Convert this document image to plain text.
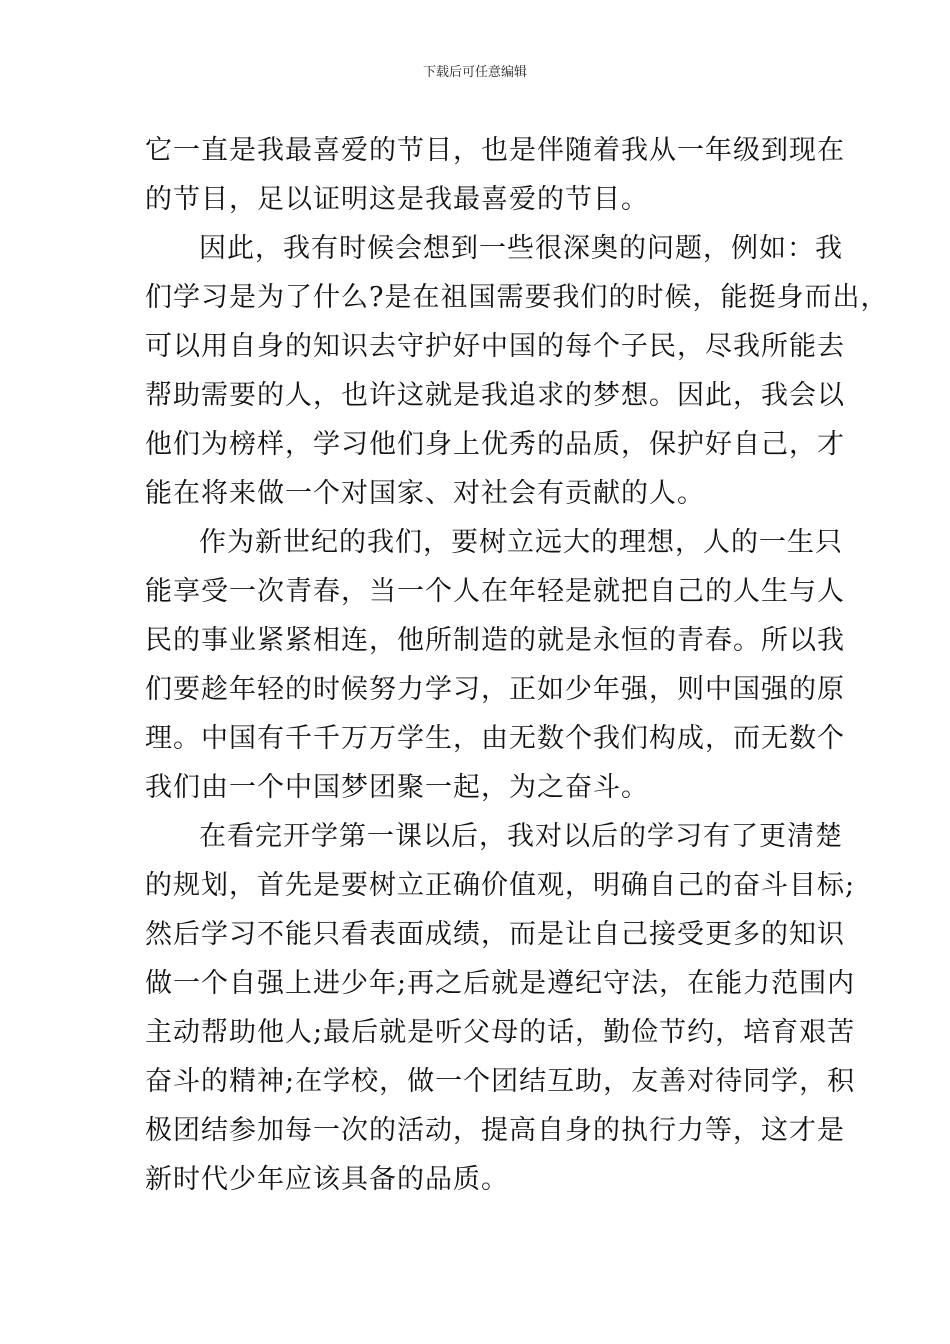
下载后可任意编辑
它一直是我最喜爱的节目，也是伴随着我从一年级到现在
的节目，足以证明这是我最喜爱的节目。
因此，我有时候会想到一些很深奥的问题，例如：我
们学习是为了什么?是在祖国需要我们的时候，能挺身而出，
可以用自身的知识去守护好中国的每个子民，尽我所能去
帮助需要的人，也许这就是我追求的梦想。因此，我会以
他们为榜样，学习他们身上优秀的品质，保护好自己，才
能在将来做一个对国家、对社会有贡献的人。
作为新世纪的我们，要树立远大的理想，人的一生只
能享受一次青春，当一个人在年轻是就把自己的人生与人
民的事业紧紧相连，他所制造的就是永恒的青春。所以我
们要趁年轻的时候努力学习，正如少年强，则中国强的原
理。中国有千千万万学生，由无数个我们构成，而无数个
我们由一个中国梦团聚一起，为之奋斗。
在看完开学第一课以后，我对以后的学习有了更清楚
的规划，首先是要树立正确价值观，明确自己的奋斗目标;
然后学习不能只看表面成绩，而是让自己接受更多的知识
做一个自强上进少年;再之后就是遵纪守法，在能力范围内
主动帮助他人;最后就是听父母的话，勤俭节约，培育艰苦
奋斗的精神;在学校，做一个团结互助，友善对待同学，积
极团结参加每一次的活动，提高自身的执行力等，这才是
新时代少年应该具备的品质。
